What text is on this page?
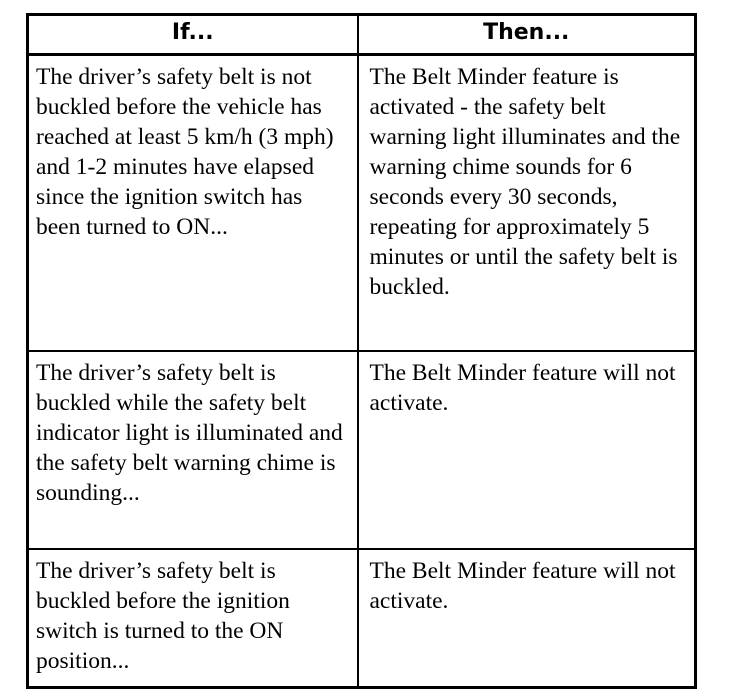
If...	Then...
The driver’s safety belt is not buckled before the vehicle has reached at least 5 km/h (3 mph) and 1-2 minutes have elapsed since the ignition switch has been turned to ON...	The Belt Minder feature is activated - the safety belt warning light illuminates and the warning chime sounds for 6 seconds every 30 seconds, repeating for approximately 5 minutes or until the safety belt is buckled.
The driver’s safety belt is buckled while the safety belt indicator light is illuminated and the safety belt warning chime is sounding...	The Belt Minder feature will not activate.
The driver’s safety belt is buckled before the ignition switch is turned to the ON position...	The Belt Minder feature will not activate.
